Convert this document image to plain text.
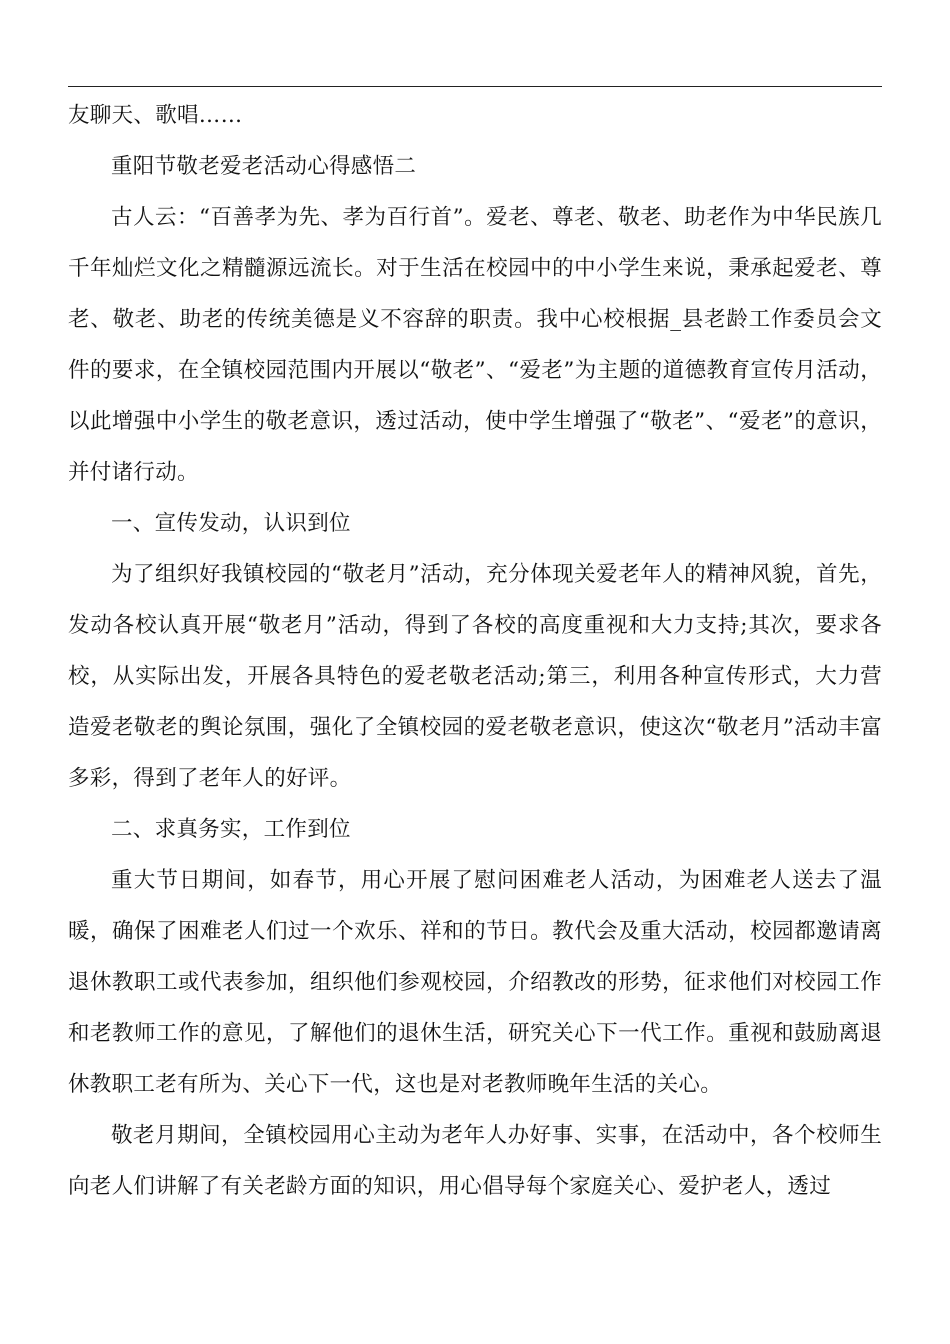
友聊天、歌唱……

重阳节敬老爱老活动心得感悟二

古人云：“百善孝为先、孝为百行首”。爱老、尊老、敬老、助老作为中华民族几千年灿烂文化之精髓源远流长。对于生活在校园中的中小学生来说，秉承起爱老、尊老、敬老、助老的传统美德是义不容辞的职责。我中心校根据_县老龄工作委员会文件的要求，在全镇校园范围内开展以“敬老”、“爱老”为主题的道德教育宣传月活动，以此增强中小学生的敬老意识，透过活动，使中学生增强了“敬老”、“爱老”的意识，并付诸行动。

一、宣传发动，认识到位

为了组织好我镇校园的“敬老月”活动，充分体现关爱老年人的精神风貌，首先，发动各校认真开展“敬老月”活动，得到了各校的高度重视和大力支持;其次，要求各校，从实际出发，开展各具特色的爱老敬老活动;第三，利用各种宣传形式，大力营造爱老敬老的舆论氛围，强化了全镇校园的爱老敬老意识，使这次“敬老月”活动丰富多彩，得到了老年人的好评。

二、求真务实，工作到位

重大节日期间，如春节，用心开展了慰问困难老人活动，为困难老人送去了温暖，确保了困难老人们过一个欢乐、祥和的节日。教代会及重大活动，校园都邀请离退休教职工或代表参加，组织他们参观校园，介绍教改的形势，征求他们对校园工作和老教师工作的意见，了解他们的退休生活，研究关心下一代工作。重视和鼓励离退休教职工老有所为、关心下一代，这也是对老教师晚年生活的关心。

敬老月期间，全镇校园用心主动为老年人办好事、实事，在活动中，各个校师生向老人们讲解了有关老龄方面的知识，用心倡导每个家庭关心、爱护老人，透过
